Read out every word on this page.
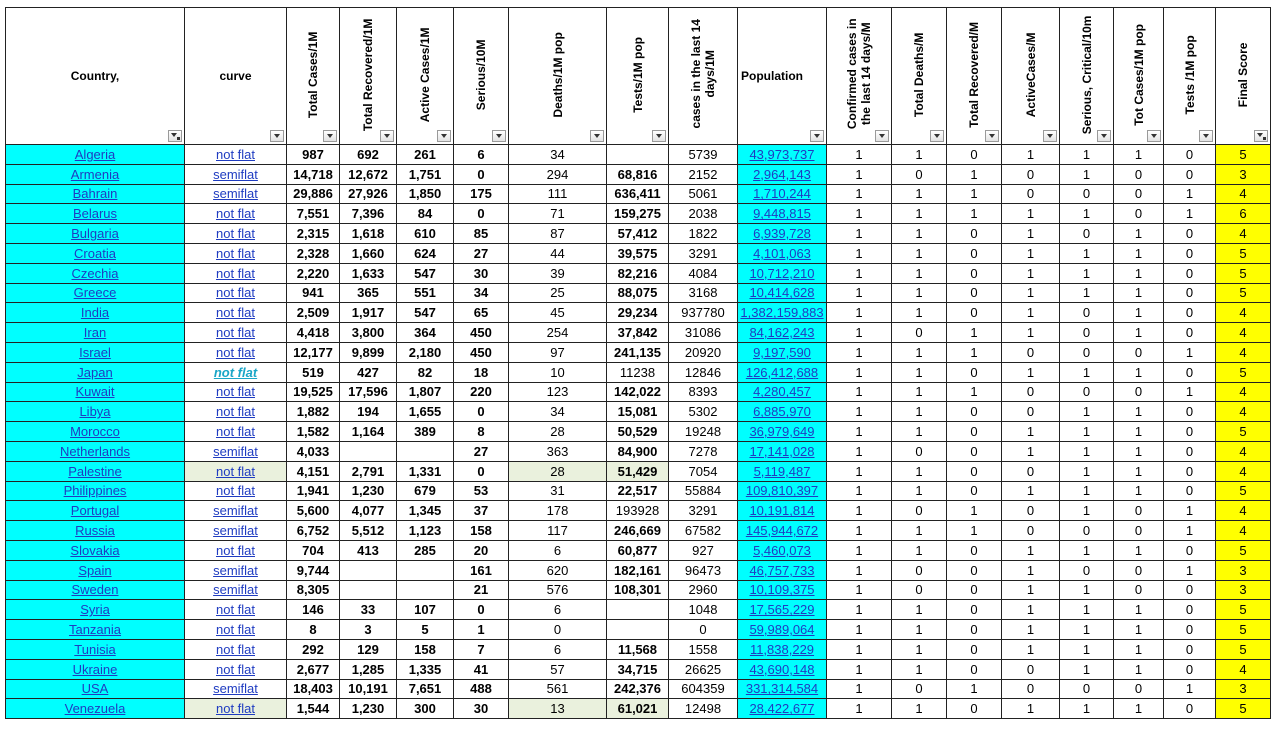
Country,	curve	Total Cases/1M	Total Recovered/1M	Active Cases/1M	Serious/10M	Deaths/1M pop	Tests/1M pop	cases in the last 14 days/1M	Population	Confirmed cases in the last 14 days/M	Total Deaths/M	Total Recovered/M	ActiveCases/M	Serious, Critical/10m	Tot Cases/1M pop	Tests /1M pop	Final Score

Algeria	not flat	987	692	261	6	34		5739	43,973,737	1	1	0	1	1	1	0	5
Armenia	semiflat	14,718	12,672	1,751	0	294	68,816	2152	2,964,143	1	0	1	0	1	0	0	3
Bahrain	semiflat	29,886	27,926	1,850	175	111	636,411	5061	1,710,244	1	1	1	0	0	0	1	4
Belarus	not flat	7,551	7,396	84	0	71	159,275	2038	9,448,815	1	1	1	1	1	0	1	6
Bulgaria	not flat	2,315	1,618	610	85	87	57,412	1822	6,939,728	1	1	0	1	0	1	0	4
Croatia	not flat	2,328	1,660	624	27	44	39,575	3291	4,101,063	1	1	0	1	1	1	0	5
Czechia	not flat	2,220	1,633	547	30	39	82,216	4084	10,712,210	1	1	0	1	1	1	0	5
Greece	not flat	941	365	551	34	25	88,075	3168	10,414,628	1	1	0	1	1	1	0	5
India	not flat	2,509	1,917	547	65	45	29,234	937780	1,382,159,883	1	1	0	1	0	1	0	4
Iran	not flat	4,418	3,800	364	450	254	37,842	31086	84,162,243	1	0	1	1	0	1	0	4
Israel	not flat	12,177	9,899	2,180	450	97	241,135	20920	9,197,590	1	1	1	0	0	0	1	4
Japan	not flat	519	427	82	18	10	11238	12846	126,412,688	1	1	0	1	1	1	0	5
Kuwait	not flat	19,525	17,596	1,807	220	123	142,022	8393	4,280,457	1	1	1	0	0	0	1	4
Libya	not flat	1,882	194	1,655	0	34	15,081	5302	6,885,970	1	1	0	0	1	1	0	4
Morocco	not flat	1,582	1,164	389	8	28	50,529	19248	36,979,649	1	1	0	1	1	1	0	5
Netherlands	semiflat	4,033			27	363	84,900	7278	17,141,028	1	0	0	1	1	1	0	4
Palestine	not flat	4,151	2,791	1,331	0	28	51,429	7054	5,119,487	1	1	0	0	1	1	0	4
Philippines	not flat	1,941	1,230	679	53	31	22,517	55884	109,810,397	1	1	0	1	1	1	0	5
Portugal	semiflat	5,600	4,077	1,345	37	178	193928	3291	10,191,814	1	0	1	0	1	0	1	4
Russia	semiflat	6,752	5,512	1,123	158	117	246,669	67582	145,944,672	1	1	1	0	0	0	1	4
Slovakia	not flat	704	413	285	20	6	60,877	927	5,460,073	1	1	0	1	1	1	0	5
Spain	semiflat	9,744			161	620	182,161	96473	46,757,733	1	0	0	1	0	0	1	3
Sweden	semiflat	8,305			21	576	108,301	2960	10,109,375	1	0	0	1	1	0	0	3
Syria	not flat	146	33	107	0	6		1048	17,565,229	1	1	0	1	1	1	0	5
Tanzania	not flat	8	3	5	1	0		0	59,989,064	1	1	0	1	1	1	0	5
Tunisia	not flat	292	129	158	7	6	11,568	1558	11,838,229	1	1	0	1	1	1	0	5
Ukraine	not flat	2,677	1,285	1,335	41	57	34,715	26625	43,690,148	1	1	0	0	1	1	0	4
USA	semiflat	18,403	10,191	7,651	488	561	242,376	604359	331,314,584	1	0	1	0	0	0	1	3
Venezuela	not flat	1,544	1,230	300	30	13	61,021	12498	28,422,677	1	1	0	1	1	1	0	5
